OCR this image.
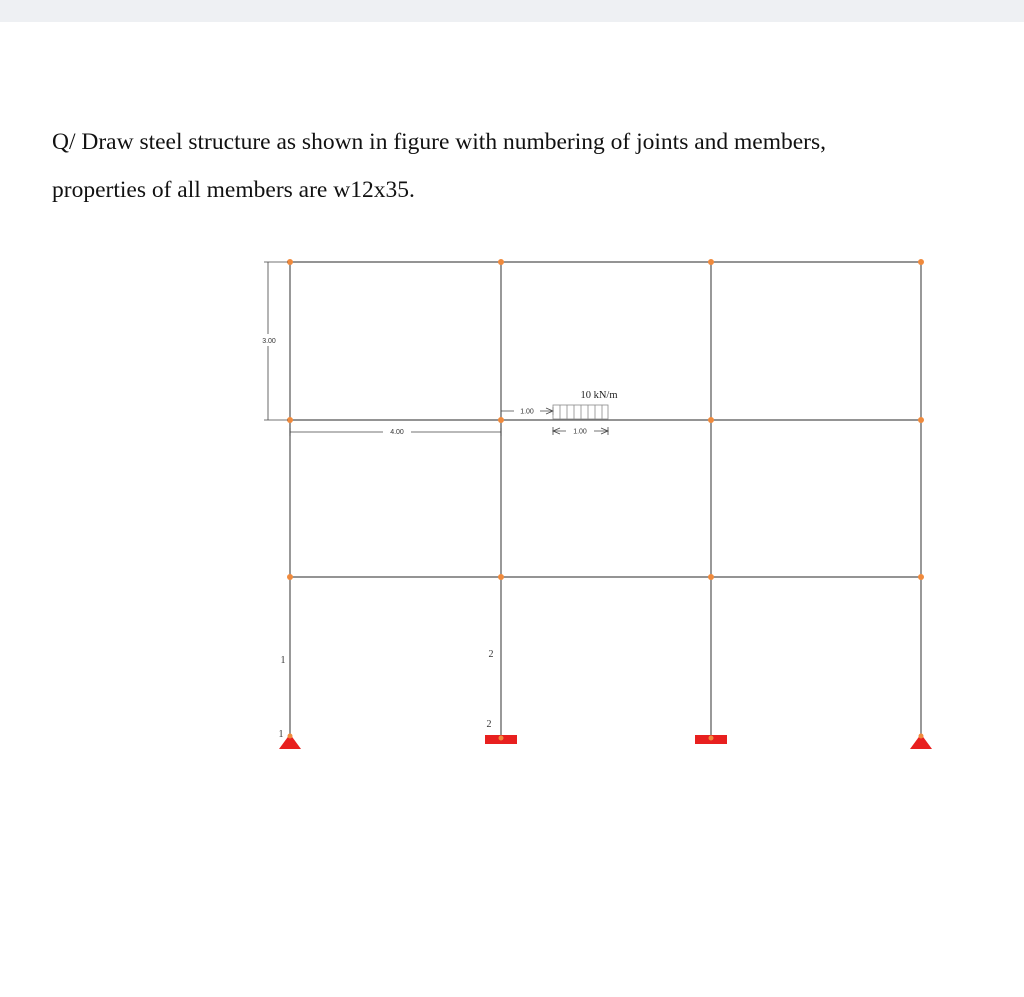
Q/ Draw steel structure as shown in figure with numbering of joints and members,

properties of all members are w12x35.

3.00
4.00
1.00
10 kN/m
1.00
1
2
1
2
